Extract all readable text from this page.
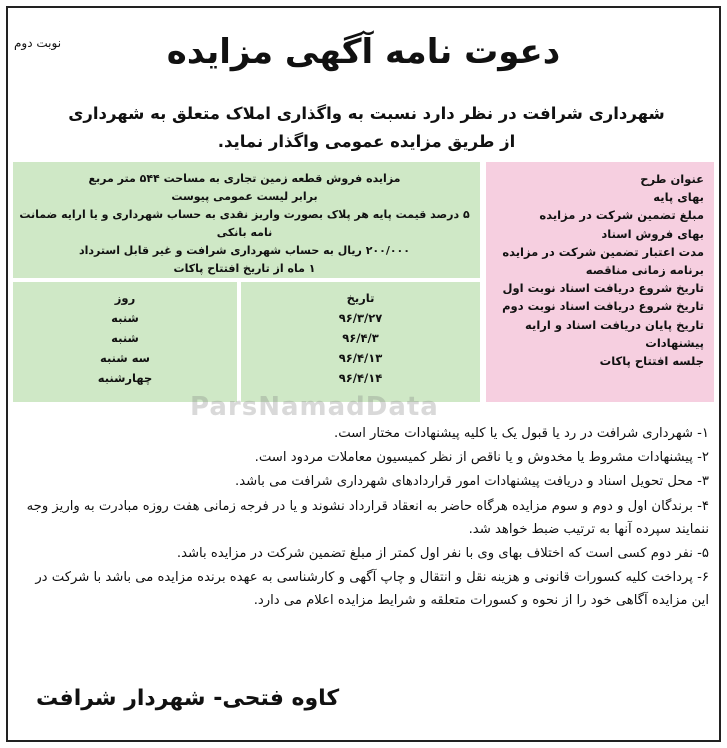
نوبت دوم	دعوت نامه آگهی مزایده
شهرداری شرافت در نظر دارد نسبت به واگذاری املاک متعلق به شهرداری
از طریق مزایده عمومی واگذار نماید.
عنوان طرح
بهای پایه
مبلغ تضمین شرکت در مزایده
بهای فروش اسناد
مدت اعتبار تضمین شرکت در مزایده
برنامه زمانی مناقصه
تاریخ شروع دریافت اسناد نوبت اول
تاریخ شروع دریافت اسناد نوبت دوم
تاریخ پایان دریافت اسناد و ارایه پیشنهادات
جلسه افتتاح پاکات
مزایده فروش قطعه زمین تجاری به مساحت ۵۴۴ متر مربع
برابر لیست عمومی پیوست
۵ درصد قیمت پایه هر پلاک بصورت واریز نقدی به حساب شهرداری و یا ارایه ضمانت نامه بانکی
۲۰۰/۰۰۰ ریال به حساب شهرداری شرافت و غیر قابل استرداد
۱ ماه از تاریخ افتتاح پاکات
تاریخ
۹۶/۳/۲۷
۹۶/۴/۳
۹۶/۴/۱۳
۹۶/۴/۱۴
روز
شنبه
شنبه
سه شنبه
چهارشنبه
ParsNamadData

۱- شهرداری شرافت در رد یا قبول یک یا کلیه پیشنهادات مختار است.

۲- پیشنهادات مشروط یا مخدوش و یا ناقص از نظر کمیسیون معاملات مردود است.

۳- محل تحویل اسناد و دریافت پیشنهادات امور قراردادهای شهرداری شرافت می باشد.

۴- برندگان اول و دوم و سوم مزایده هرگاه حاضر به انعقاد قرارداد نشوند و یا در فرجه زمانی هفت روزه مبادرت به واریز وجه ننمایند سپرده آنها به ترتیب ضبط خواهد شد.

۵- نفر دوم کسی است که اختلاف بهای وی با نفر اول کمتر از مبلغ تضمین شرکت در مزایده باشد.

۶- پرداخت کلیه کسورات قانونی و هزینه نقل و انتقال و چاپ آگهی و کارشناسی به عهده برنده مزایده می باشد با شرکت در این مزایده آگاهی خود را از نحوه و کسورات متعلقه و شرایط مزایده اعلام می دارد.

کاوه فتحی- شهردار شرافت
